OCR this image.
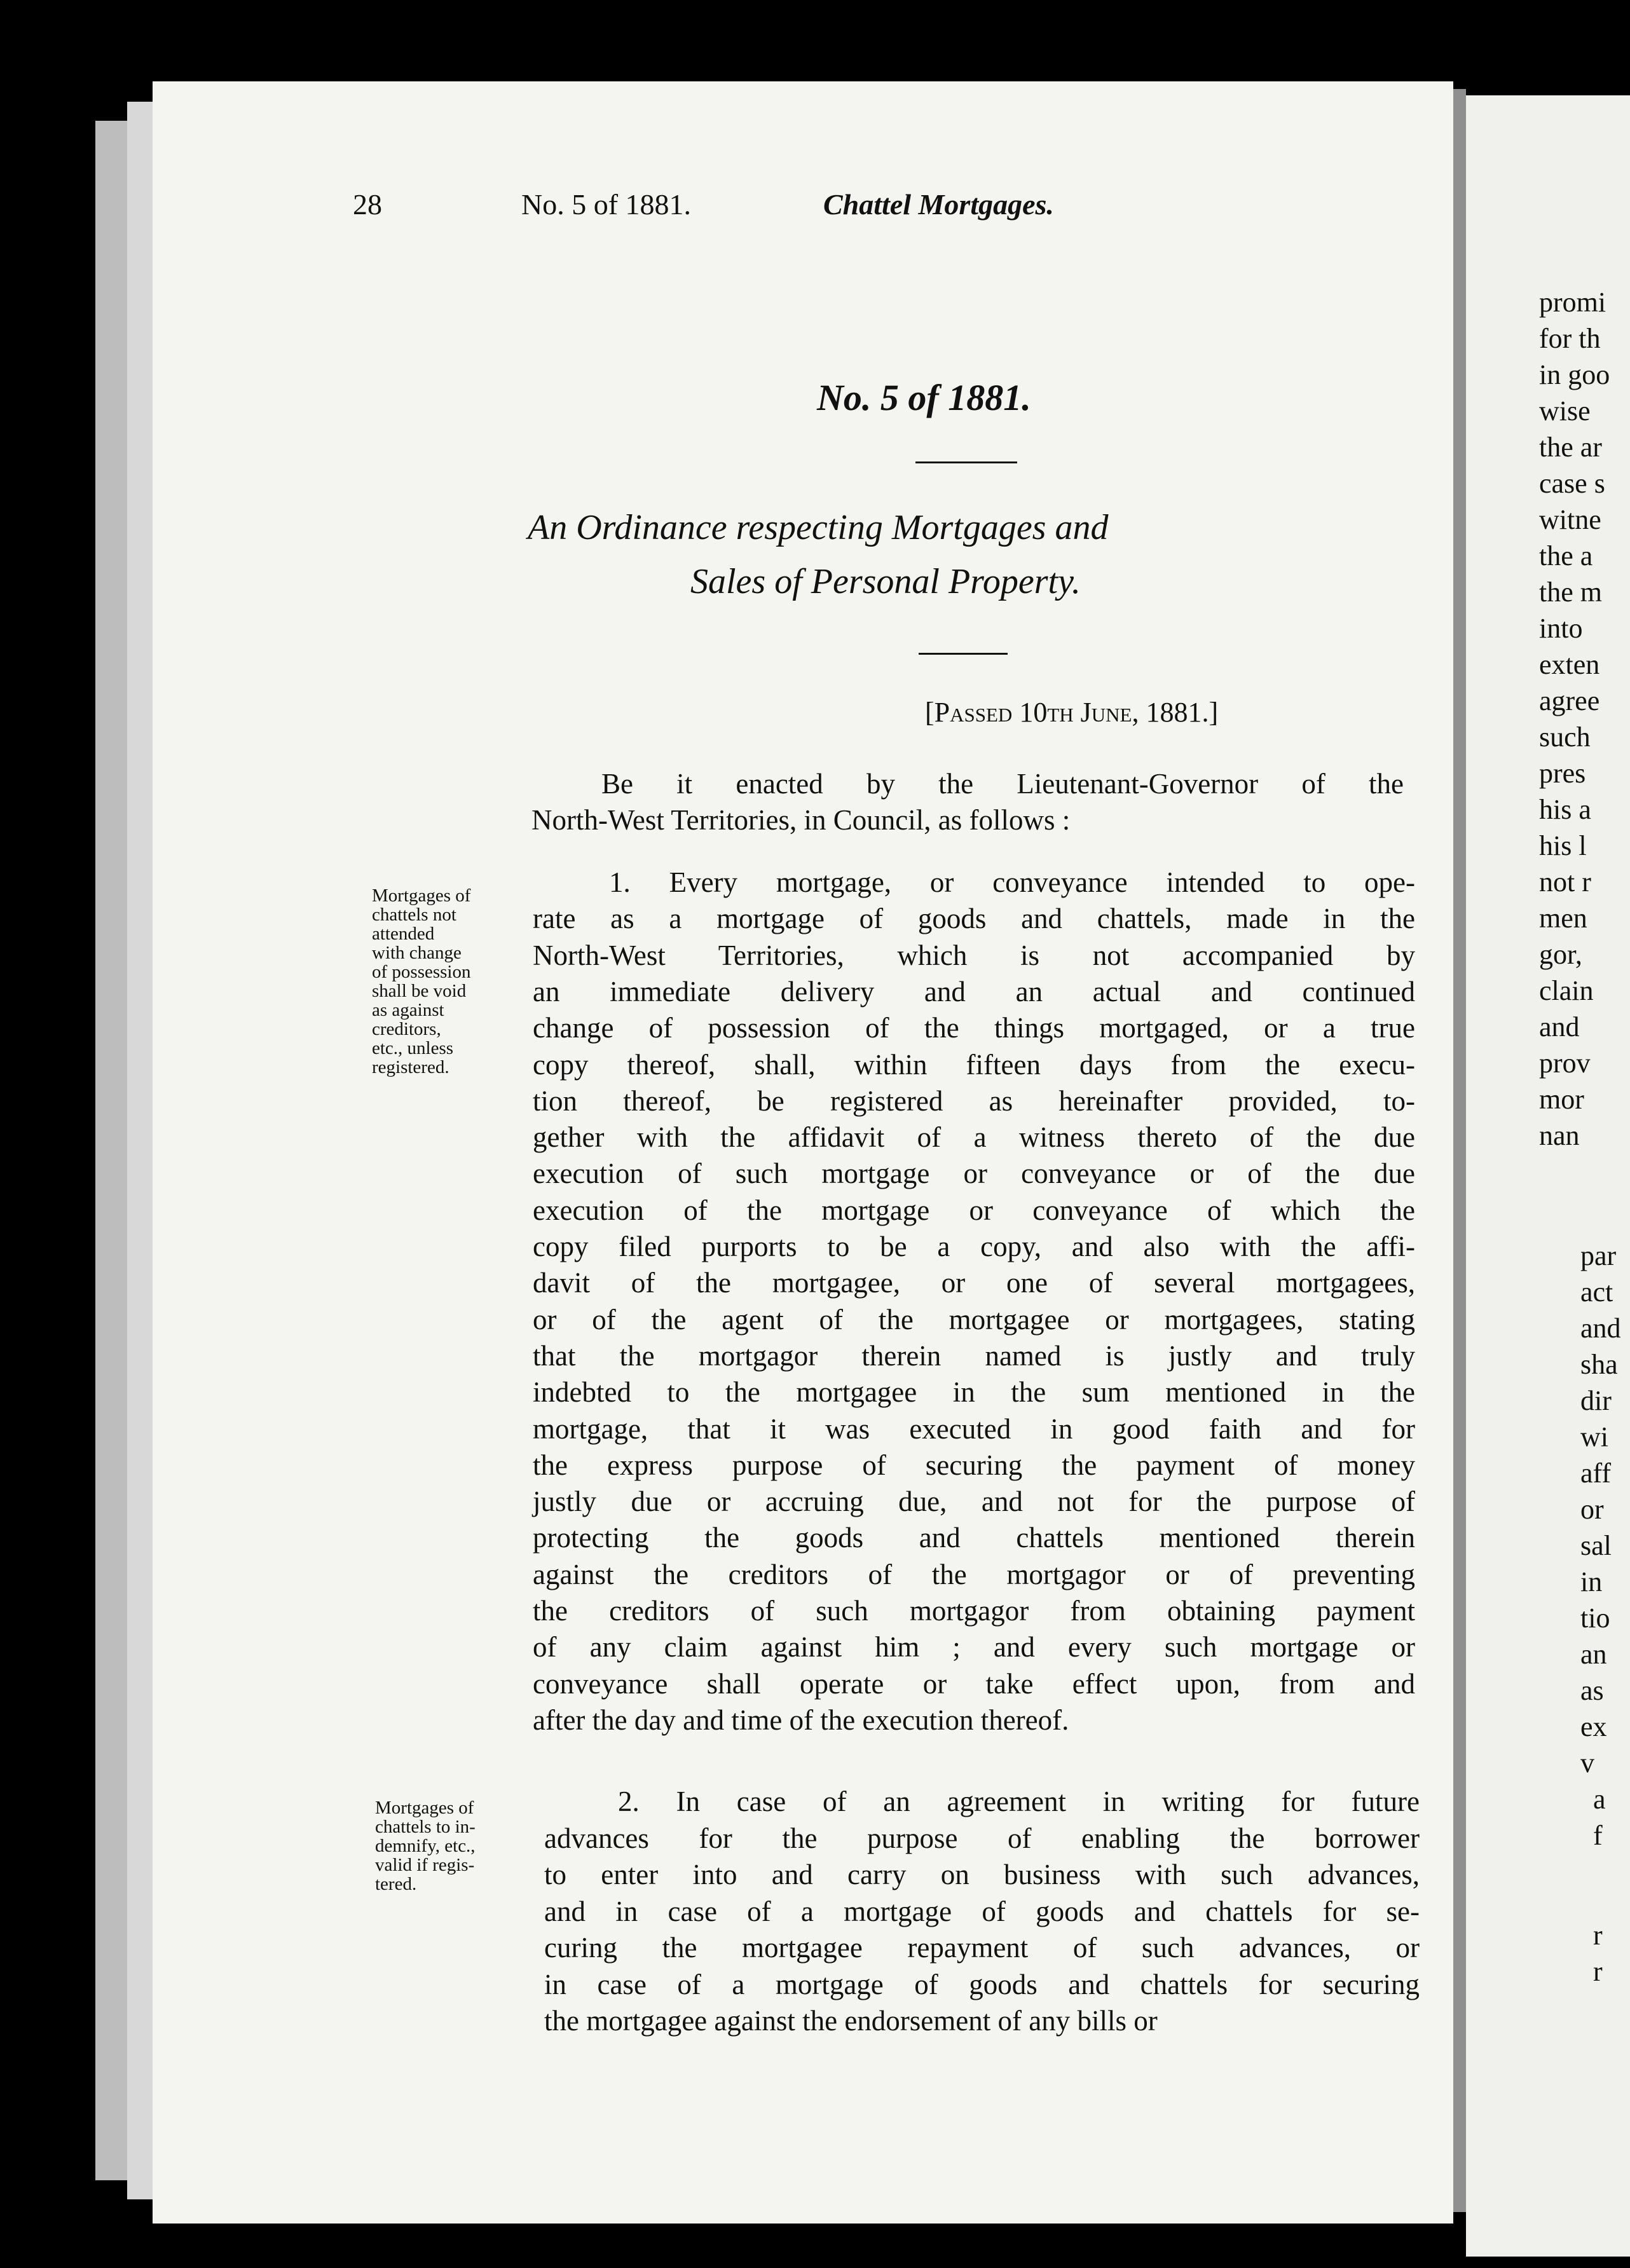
promi
for th
in goo
wise
the ar
case s
witne
the a
the m
into
exten
agree
such
pres
his a
his l
not r
men
gor,
clain
and
prov
mor
nan
par
act
and
sha
dir
wi
aff
or
sal
in
tio
an
as
ex
v
a
f
r
r
28	No. 5 of 1881.	Chattel Mortgages.
No. 5 of 1881.
An Ordinance respecting Mortgages and
Sales of Personal Property.
[Passed 10th June, 1881.]
Be it enacted by the Lieutenant-Governor of the
North-West Territories, in Council, as follows :
1. Every mortgage, or conveyance intended to ope-
rate as a mortgage of goods and chattels, made in the
North-West Territories, which is not accompanied by
an immediate delivery and an actual and continued
change of possession of the things mortgaged, or a true
copy thereof, shall, within fifteen days from the execu-
tion thereof, be registered as hereinafter provided, to-
gether with the affidavit of a witness thereto of the due
execution of such mortgage or conveyance or of the due
execution of the mortgage or conveyance of which the
copy filed purports to be a copy, and also with the affi-
davit of the mortgagee, or one of several mortgagees,
or of the agent of the mortgagee or mortgagees, stating
that the mortgagor therein named is justly and truly
indebted to the mortgagee in the sum mentioned in the
mortgage, that it was executed in good faith and for
the express purpose of securing the payment of money
justly due or accruing due, and not for the purpose of
protecting the goods and chattels mentioned therein
against the creditors of the mortgagor or of preventing
the creditors of such mortgagor from obtaining payment
of any claim against him ; and every such mortgage or
conveyance shall operate or take effect upon, from and
after the day and time of the execution thereof.
Mortgages of
chattels not
attended
with change
of possession
shall be void
as against
creditors,
etc., unless
registered.
2. In case of an agreement in writing for future
advances for the purpose of enabling the borrower
to enter into and carry on business with such advances,
and in case of a mortgage of goods and chattels for se-
curing the mortgagee repayment of such advances, or
in case of a mortgage of goods and chattels for securing
the mortgagee against the endorsement of any bills or
Mortgages of
chattels to in-
demnify, etc.,
valid if regis-
tered.
